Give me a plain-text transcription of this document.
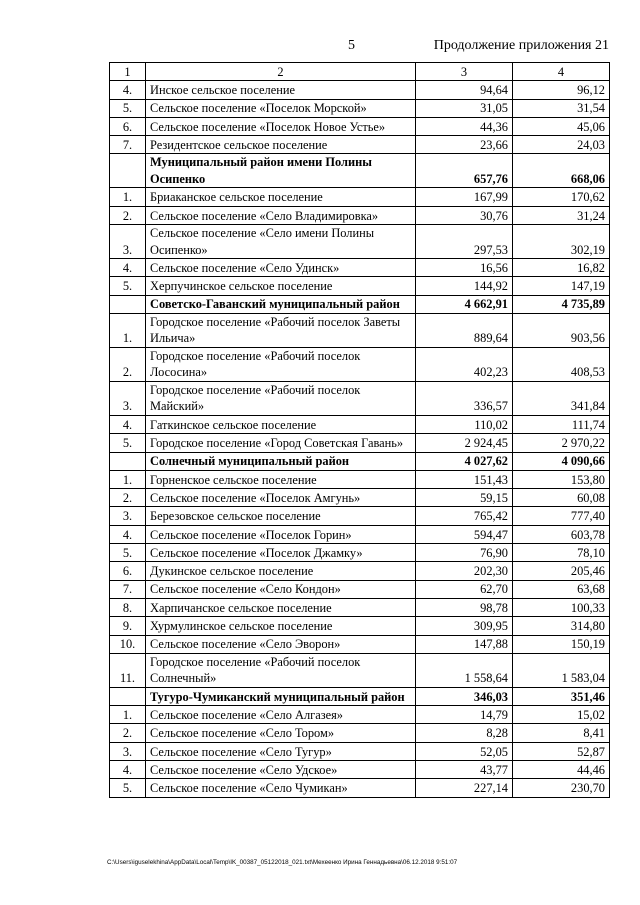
5	Продолжение приложения 21
1	2	3	4
4.	Инское сельское поселение	94,64	96,12
5.	Сельское поселение «Поселок Морской»	31,05	31,54
6.	Сельское поселение «Поселок Новое Устье»	44,36	45,06
7.	Резидентское сельское поселение	23,66	24,03
	Муниципальный район имени Полины Осипенко	657,76	668,06
1.	Бриаканское сельское поселение	167,99	170,62
2.	Сельское поселение «Село Владимировка»	30,76	31,24
3.	Сельское поселение «Село имени Полины Осипенко»	297,53	302,19
4.	Сельское поселение «Село Удинск»	16,56	16,82
5.	Херпучинское сельское поселение	144,92	147,19
	Советско-Гаванский муниципальный район	4 662,91	4 735,89
1.	Городское поселение «Рабочий поселок Заветы Ильича»	889,64	903,56
2.	Городское поселение «Рабочий поселок Лососина»	402,23	408,53
3.	Городское поселение «Рабочий поселок Майский»	336,57	341,84
4.	Гаткинское сельское поселение	110,02	111,74
5.	Городское поселение «Город Советская Гавань»	2 924,45	2 970,22
	Солнечный муниципальный район	4 027,62	4 090,66
1.	Горненское сельское поселение	151,43	153,80
2.	Сельское поселение «Поселок Амгунь»	59,15	60,08
3.	Березовское сельское поселение	765,42	777,40
4.	Сельское поселение «Поселок Горин»	594,47	603,78
5.	Сельское поселение «Поселок Джамку»	76,90	78,10
6.	Дукинское сельское поселение	202,30	205,46
7.	Сельское поселение «Село Кондон»	62,70	63,68
8.	Харпичанское сельское поселение	98,78	100,33
9.	Хурмулинское сельское поселение	309,95	314,80
10.	Сельское поселение «Село Эворон»	147,88	150,19
11.	Городское поселение «Рабочий поселок Солнечный»	1 558,64	1 583,04
	Тугуро-Чумиканский муниципальный район	346,03	351,46
1.	Сельское поселение «Село Алгазея»	14,79	15,02
2.	Сельское поселение «Село Тором»	8,28	8,41
3.	Сельское поселение «Село Тугур»	52,05	52,87
4.	Сельское поселение «Село Удское»	43,77	44,46
5.	Сельское поселение «Село Чумикан»	227,14	230,70
C:\Users\iguselekhina\AppData\Local\Temp\IK_00387_05122018_021.txt\Мехеенко Ирина Геннадьевна\06.12.2018 9:51:07
